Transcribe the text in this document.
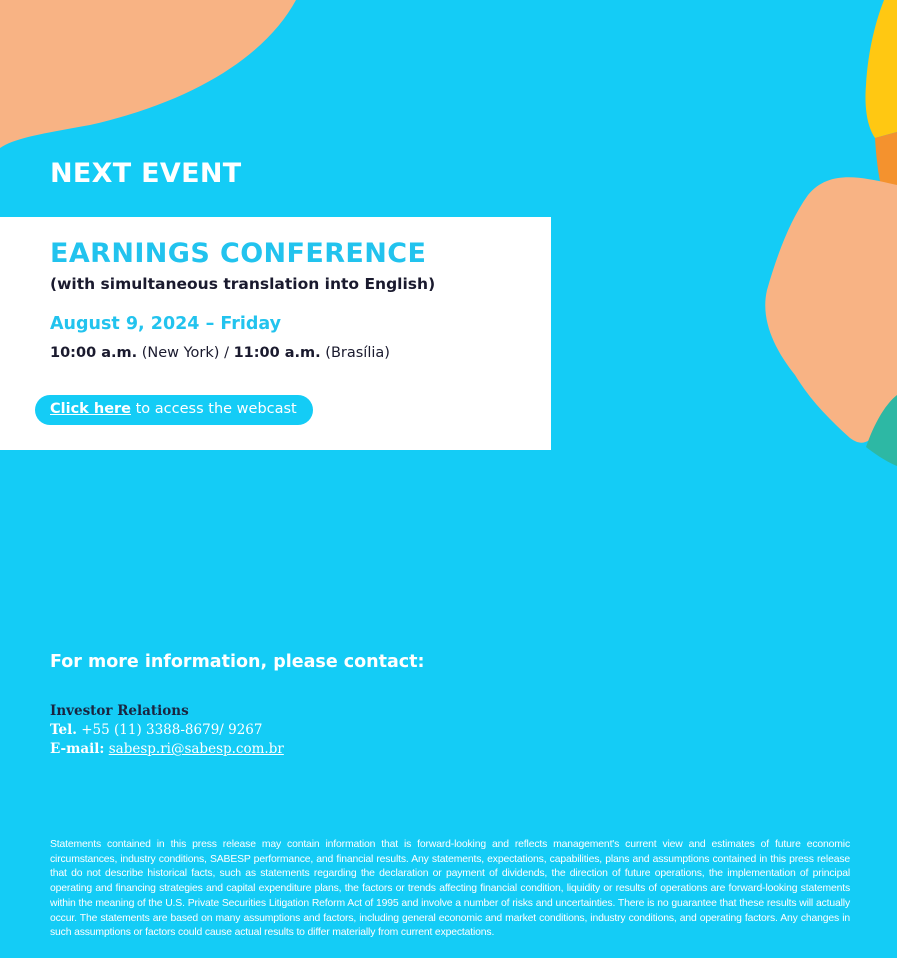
NEXT EVENT
EARNINGS CONFERENCE
(with simultaneous translation into English)
August 9, 2024 – Friday
10:00 a.m. (New York) / 11:00 a.m. (Brasília)
Click here to access the webcast
For more information, please contact:
Investor Relations
Tel. +55 (11) 3388-8679/ 9267
E-mail: sabesp.ri@sabesp.com.br
Statements contained in this press release may contain information that is forward-looking and reflects management's current view and estimates of future economic circumstances, industry conditions, SABESP performance, and financial results. Any statements, expectations, capabilities, plans and assumptions contained in this press release that do not describe historical facts, such as statements regarding the declaration or payment of dividends, the direction of future operations, the implementation of principal operating and financing strategies and capital expenditure plans, the factors or trends affecting financial condition, liquidity or results of operations are forward-looking statements within the meaning of the U.S. Private Securities Litigation Reform Act of 1995 and involve a number of risks and uncertainties. There is no guarantee that these results will actually occur. The statements are based on many assumptions and factors, including general economic and market conditions, industry conditions, and operating factors. Any changes in such assumptions or factors could cause actual results to differ materially from current expectations.
